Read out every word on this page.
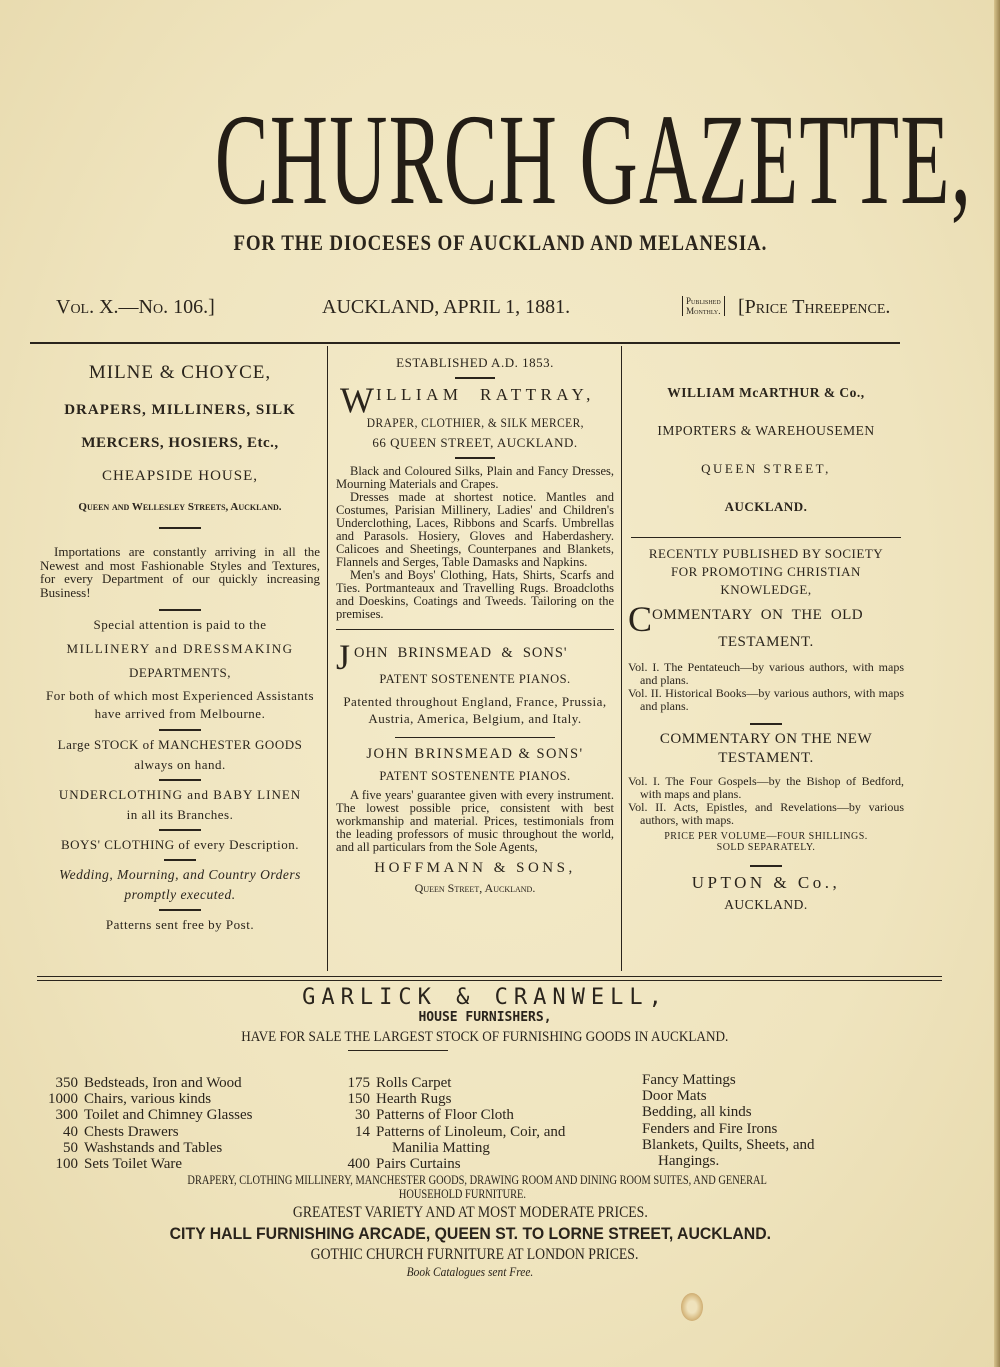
CHURCH GAZETTE,
FOR THE DIOCESES OF AUCKLAND AND MELANESIA.
Vol. X.—No. 106.]	AUCKLAND, APRIL 1, 1881.	Published
Monthly. [Price Threepence.

MILNE & CHOYCE,

DRAPERS, MILLINERS, SILK

MERCERS, HOSIERS, Etc.,

CHEAPSIDE HOUSE,

Queen and Wellesley Streets, Auckland.

Importations are constantly arriving in all the Newest and most Fashionable Styles and Textures, for every Department of our quickly increasing Business!

Special attention is paid to the

MILLINERY and DRESSMAKING

DEPARTMENTS,

For both of which most Experienced Assistants have arrived from Melbourne.

Large STOCK of MANCHESTER GOODS

always on hand.

UNDERCLOTHING and BABY LINEN

in all its Branches.

BOYS' CLOTHING of every Description.

Wedding, Mourning, and Country Orders

promptly executed.

Patterns sent free by Post.

ESTABLISHED A.D. 1853.

W ILLIAM  RATTRAY,

DRAPER, CLOTHIER, & SILK MERCER,

66 QUEEN STREET, AUCKLAND.

Black and Coloured Silks, Plain and Fancy Dresses, Mourning Materials and Crapes.

Dresses made at shortest notice. Mantles and Costumes, Parisian Millinery, Ladies' and Children's Underclothing, Laces, Ribbons and Scarfs. Umbrellas and Parasols. Hosiery, Gloves and Haberdashery. Calicoes and Sheetings, Counterpanes and Blankets, Flannels and Serges, Table Damasks and Napkins.

Men's and Boys' Clothing, Hats, Shirts, Scarfs and Ties. Portmanteaux and Travelling Rugs. Broadcloths and Doeskins, Coatings and Tweeds. Tailoring on the premises.

J OHN  BRINSMEAD  &  SONS'

PATENT SOSTENENTE PIANOS.

Patented throughout England, France, Prussia, Austria, America, Belgium, and Italy.

JOHN BRINSMEAD & SONS'

PATENT SOSTENENTE PIANOS.

A five years' guarantee given with every instrument. The lowest possible price, consistent with best workmanship and material. Prices, testimonials from the leading professors of music throughout the world, and all particulars from the Sole Agents,

HOFFMANN & SONS,

Queen Street, Auckland.

WILLIAM McARTHUR & Co.,

IMPORTERS & WAREHOUSEMEN

QUEEN STREET,

AUCKLAND.

RECENTLY PUBLISHED BY SOCIETY

FOR PROMOTING CHRISTIAN

KNOWLEDGE,

C OMMENTARY  ON  THE  OLD

TESTAMENT.

Vol. I. The Pentateuch—by various authors, with maps and plans.

Vol. II. Historical Books—by various authors, with maps and plans.

COMMENTARY ON THE NEW

TESTAMENT.

Vol. I. The Four Gospels—by the Bishop of Bedford, with maps and plans.

Vol. II. Acts, Epistles, and Revelations—by various authors, with maps.

PRICE PER VOLUME—FOUR SHILLINGS.

SOLD SEPARATELY.

UPTON & Co.,

AUCKLAND.

GARLICK & CRANWELL,

HOUSE FURNISHERS,

HAVE FOR SALE THE LARGEST STOCK OF FURNISHING GOODS IN AUCKLAND.

350 Bedsteads, Iron and Wood
1000 Chairs, various kinds
300 Toilet and Chimney Glasses
40 Chests Drawers
50 Washstands and Tables
100 Sets Toilet Ware
175 Rolls Carpet
150 Hearth Rugs
30 Patterns of Floor Cloth
14 Patterns of Linoleum, Coir, and
Manilia Matting
400 Pairs Curtains
Fancy Mattings
Door Mats
Bedding, all kinds
Fenders and Fire Irons
Blankets, Quilts, Sheets, and
Hangings.

DRAPERY, CLOTHING MILLINERY, MANCHESTER GOODS, DRAWING ROOM AND DINING ROOM SUITES, AND GENERAL

HOUSEHOLD FURNITURE.

GREATEST VARIETY AND AT MOST MODERATE PRICES.

CITY HALL FURNISHING ARCADE, QUEEN ST. TO LORNE STREET, AUCKLAND.

GOTHIC CHURCH FURNITURE AT LONDON PRICES.

Book Catalogues sent Free.
